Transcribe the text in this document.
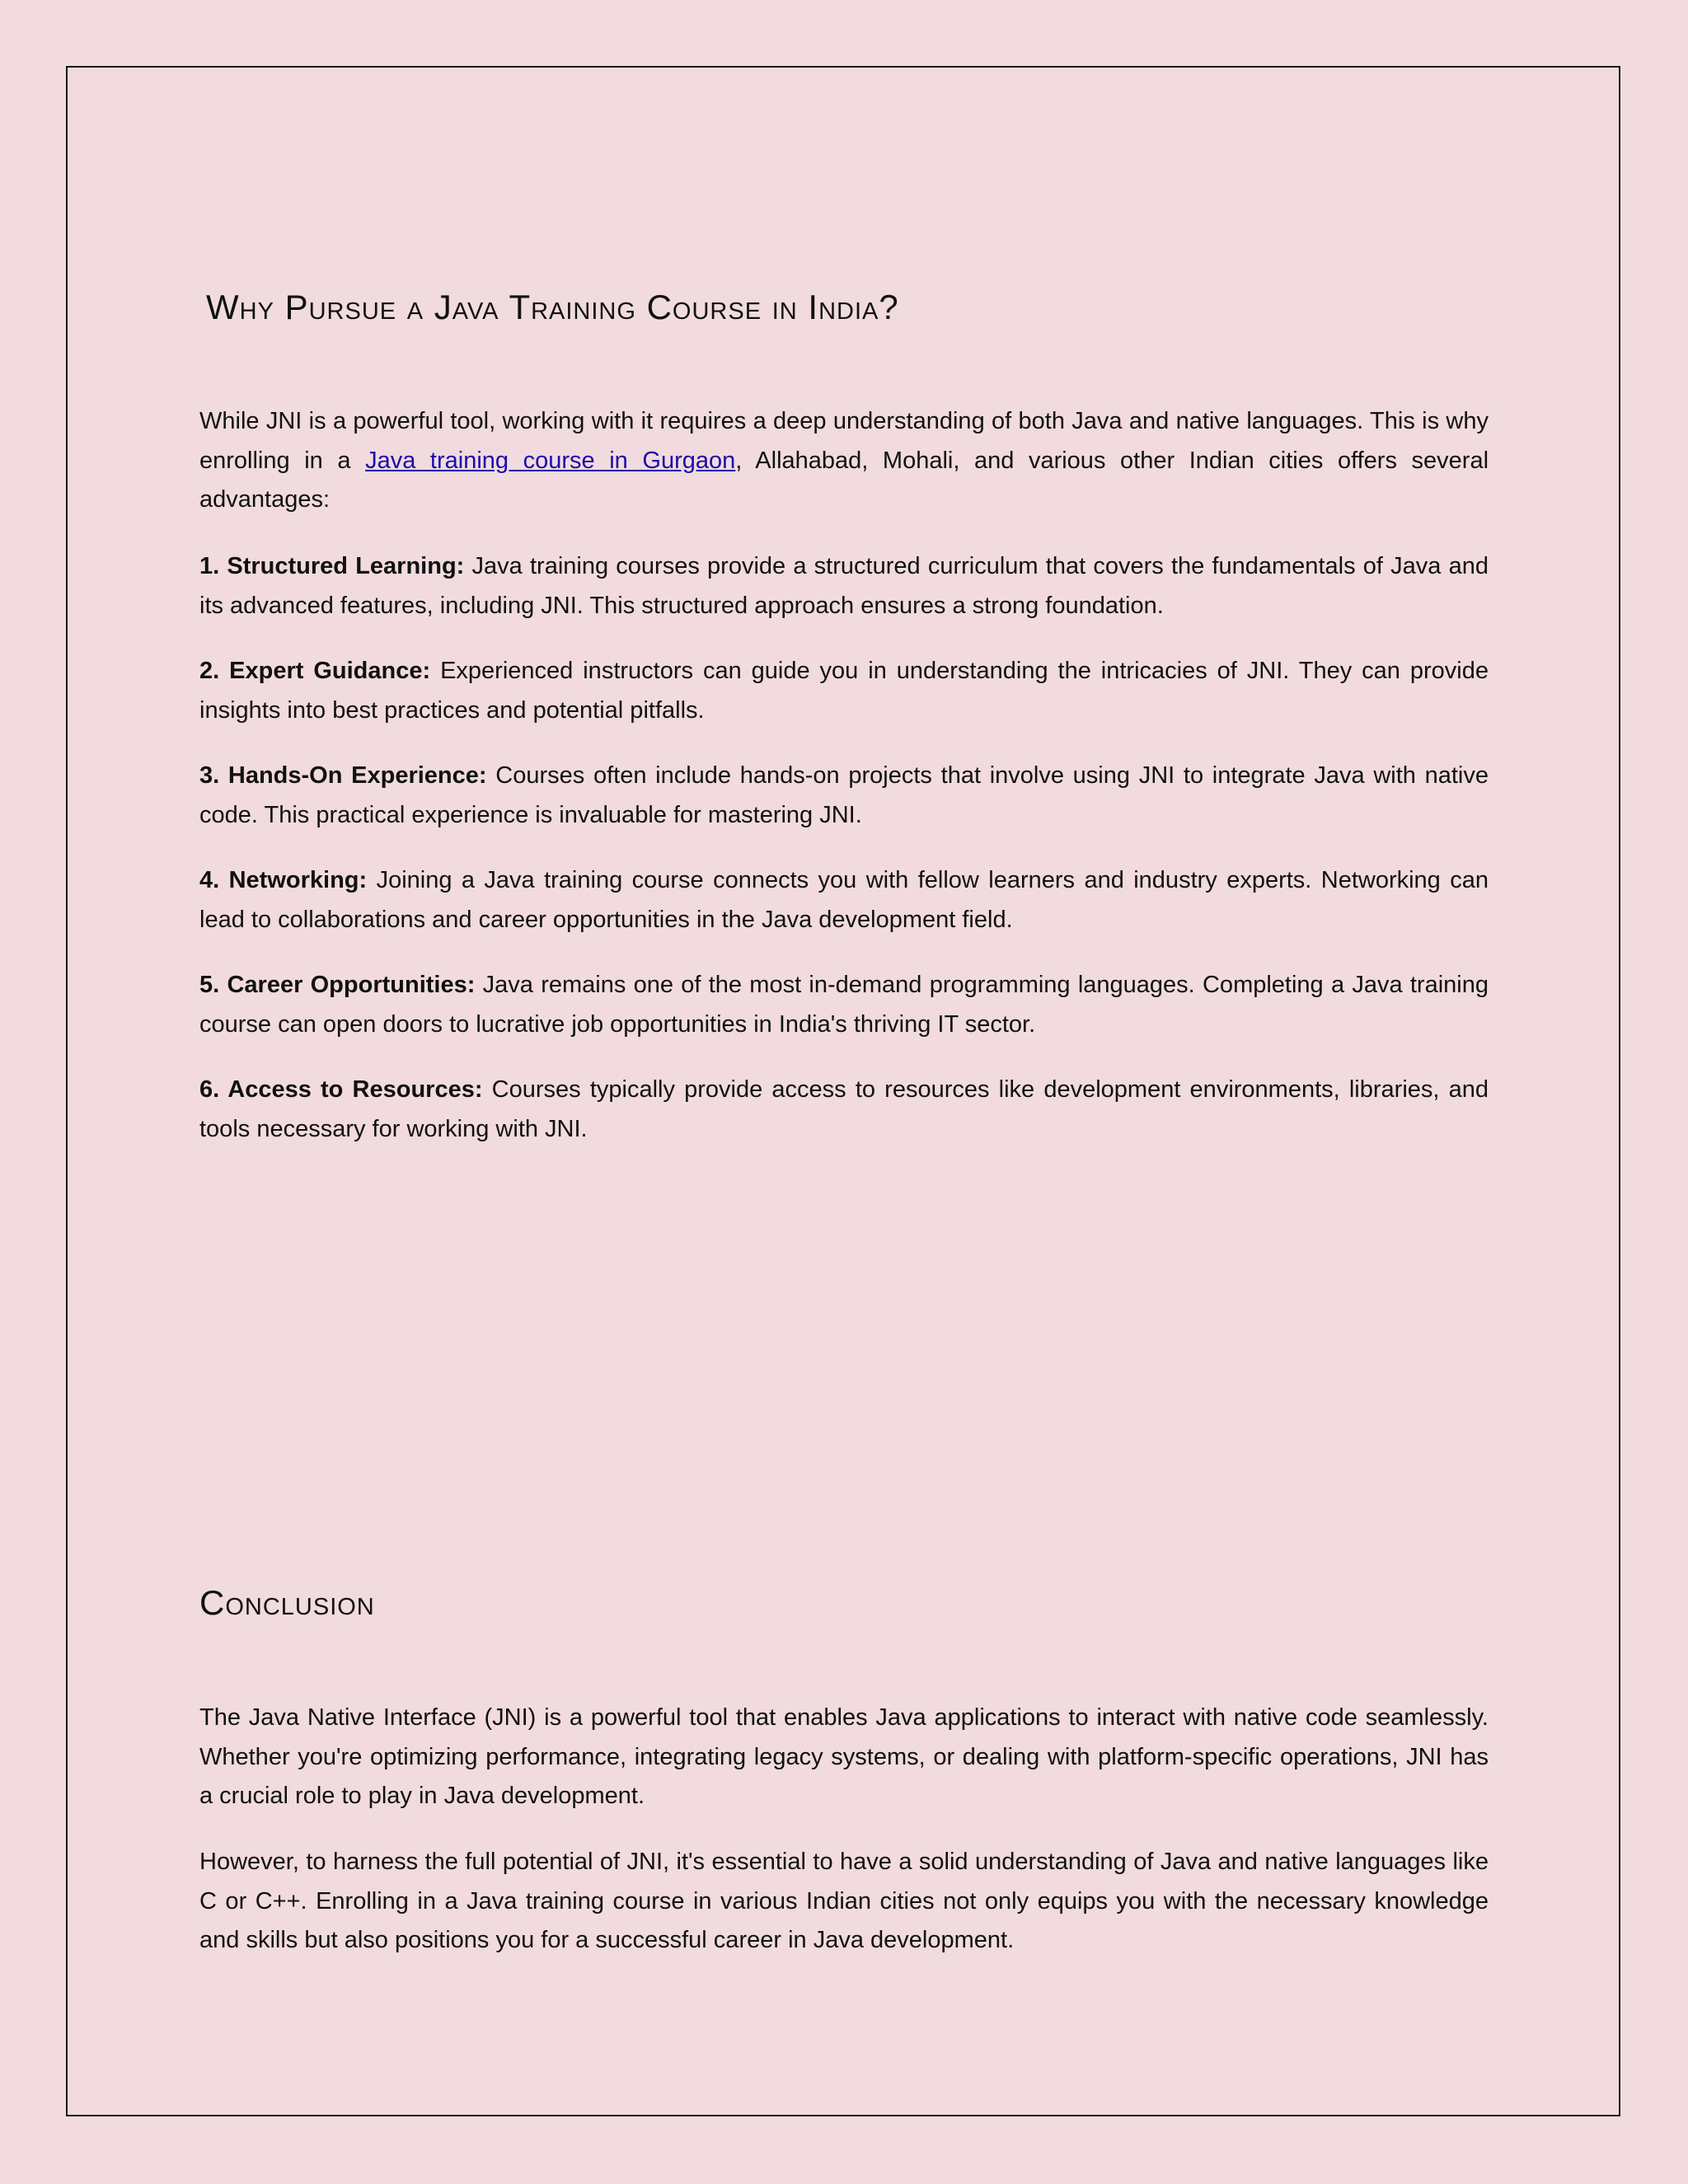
Why Pursue a Java Training Course in India?

While JNI is a powerful tool, working with it requires a deep understanding of both Java and native languages. This is why enrolling in a Java training course in Gurgaon, Allahabad, Mohali, and various other Indian cities offers several advantages:

1. Structured Learning: Java training courses provide a structured curriculum that covers the fundamentals of Java and its advanced features, including JNI. This structured approach ensures a strong foundation.

2. Expert Guidance: Experienced instructors can guide you in understanding the intricacies of JNI. They can provide insights into best practices and potential pitfalls.

3. Hands-On Experience: Courses often include hands-on projects that involve using JNI to integrate Java with native code. This practical experience is invaluable for mastering JNI.

4. Networking: Joining a Java training course connects you with fellow learners and industry experts. Networking can lead to collaborations and career opportunities in the Java development field.

5. Career Opportunities: Java remains one of the most in-demand programming languages. Completing a Java training course can open doors to lucrative job opportunities in India's thriving IT sector.

6. Access to Resources: Courses typically provide access to resources like development environments, libraries, and tools necessary for working with JNI.

Conclusion

The Java Native Interface (JNI) is a powerful tool that enables Java applications to interact with native code seamlessly. Whether you're optimizing performance, integrating legacy systems, or dealing with platform-specific operations, JNI has a crucial role to play in Java development.

However, to harness the full potential of JNI, it's essential to have a solid understanding of Java and native languages like C or C++. Enrolling in a Java training course in various Indian cities not only equips you with the necessary knowledge and skills but also positions you for a successful career in Java development.
